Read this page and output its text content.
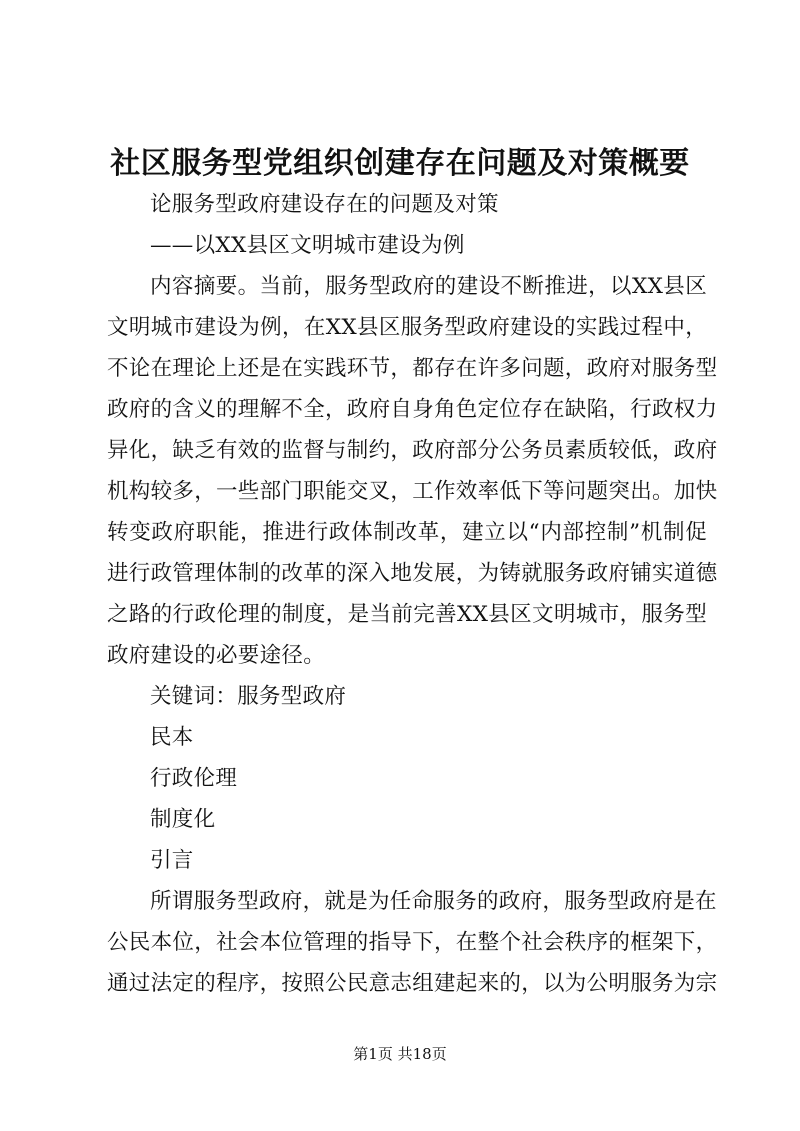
社区服务型党组织创建存在问题及对策概要
论服务型政府建设存在的问题及对策
——以XX县区文明城市建设为例
内容摘要。当前，服务型政府的建设不断推进，以XX县区
文明城市建设为例，在XX县区服务型政府建设的实践过程中，
不论在理论上还是在实践环节，都存在许多问题，政府对服务型
政府的含义的理解不全，政府自身角色定位存在缺陷，行政权力
异化，缺乏有效的监督与制约，政府部分公务员素质较低，政府
机构较多，一些部门职能交叉，工作效率低下等问题突出。加快
转变政府职能，推进行政体制改革，建立以“内部控制”机制促
进行政管理体制的改革的深入地发展，为铸就服务政府铺实道德
之路的行政伦理的制度，是当前完善XX县区文明城市，服务型
政府建设的必要途径。
关键词：服务型政府
民本
行政伦理
制度化
引言
所谓服务型政府，就是为任命服务的政府，服务型政府是在
公民本位，社会本位管理的指导下，在整个社会秩序的框架下，
通过法定的程序，按照公民意志组建起来的，以为公明服务为宗
第1页 共18页
